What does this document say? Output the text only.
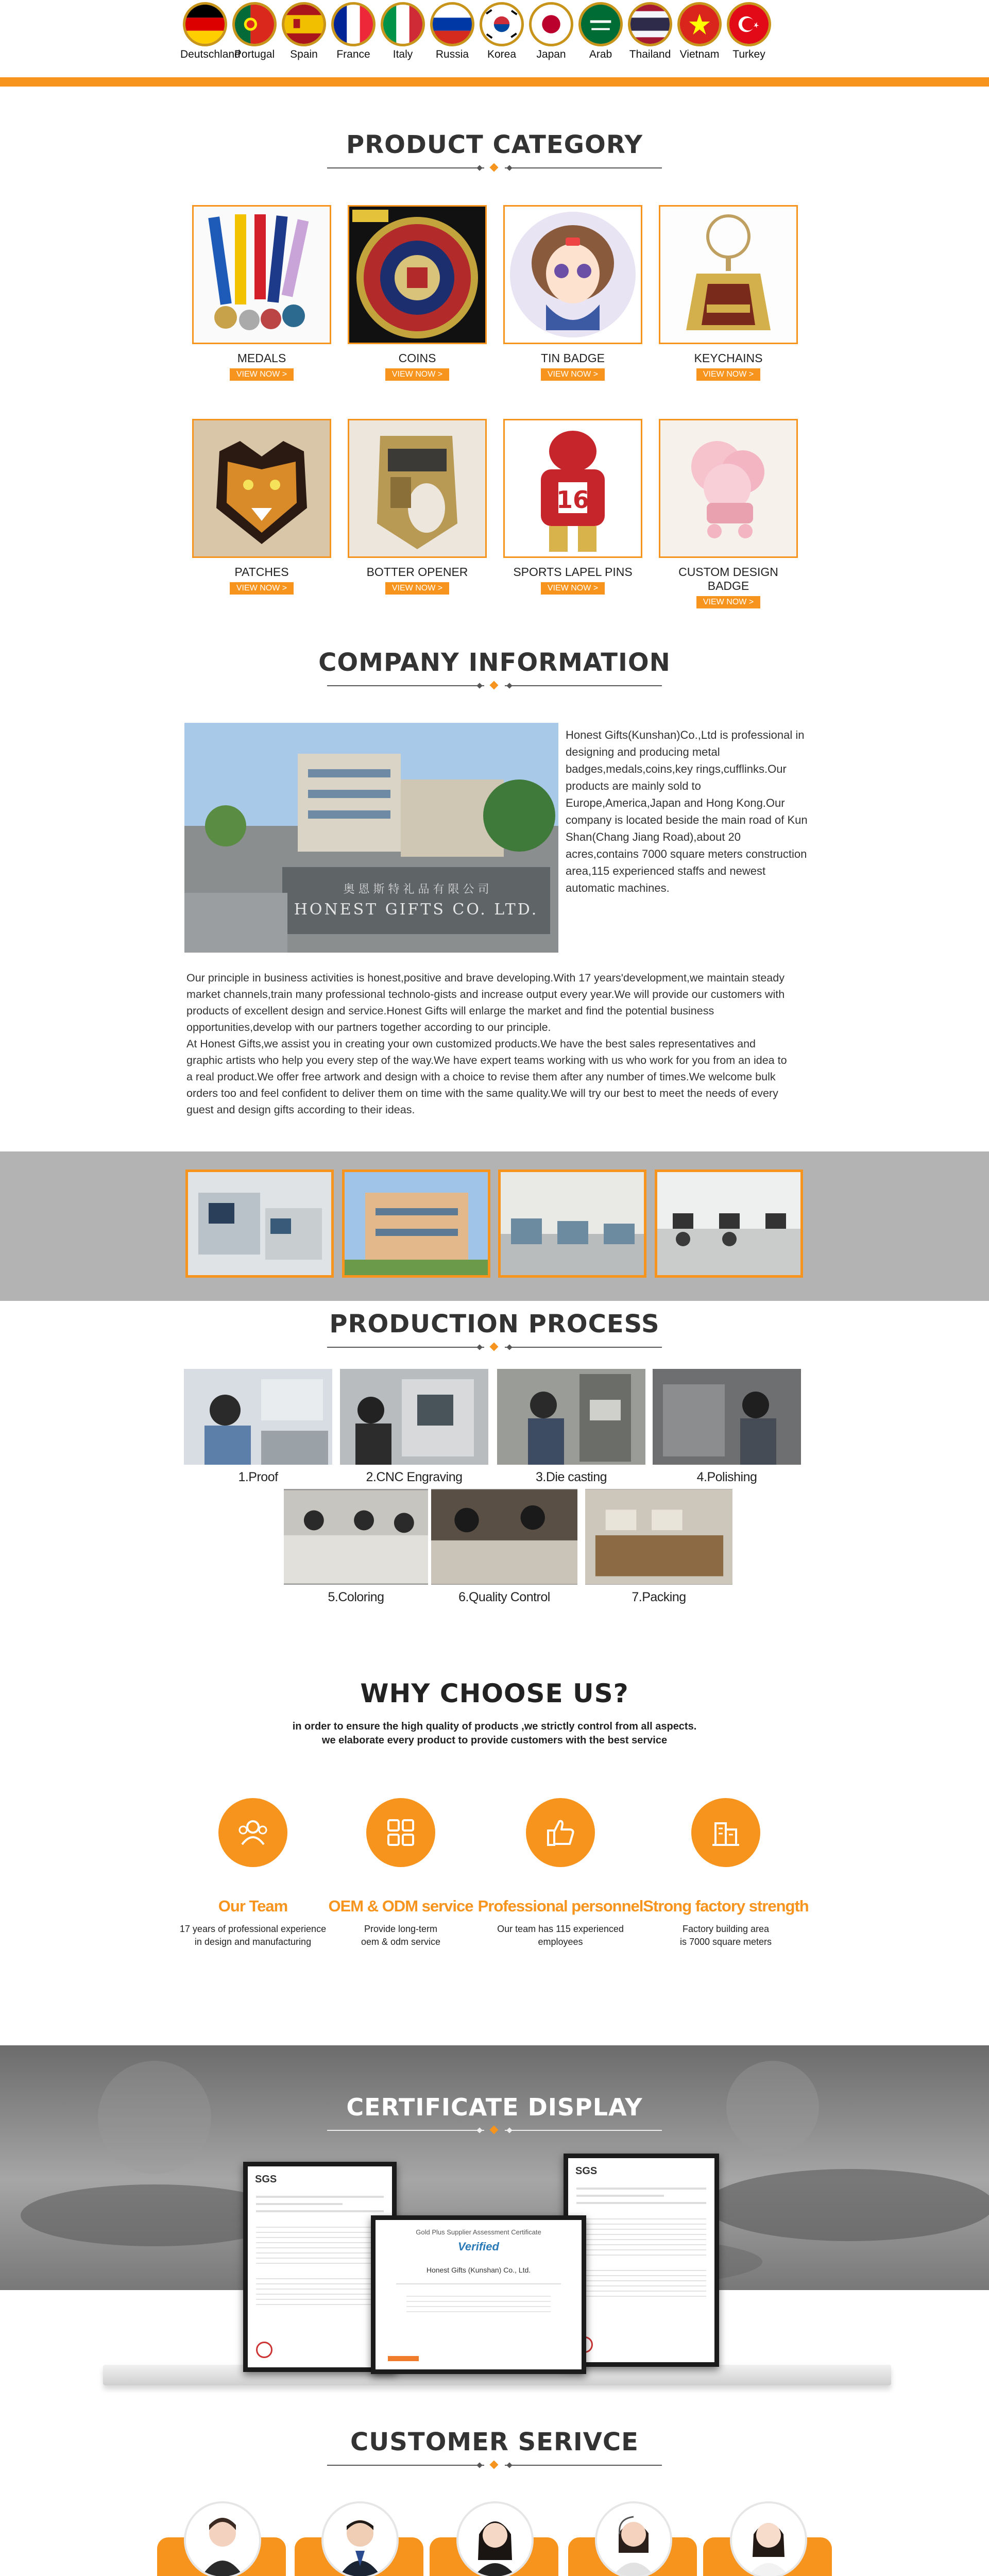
Deutschland
Portugal	Spain	France	Italy	Russia	Korea	Japan	Arab	Thailand Vietnam	Turkey
PRODUCT CATEGORY
MEDALS
VIEW NOW >
COINS
VIEW NOW >
TIN BADGE
VIEW NOW >
KEYCHAINS
VIEW NOW >
PATCHES
VIEW NOW >
BOTTER OPENER
VIEW NOW >
16
SPORTS LAPEL PINS
VIEW NOW >
CUSTOM DESIGN BADGE
VIEW NOW >
COMPANY INFORMATION
奥 恩 斯 特 礼 品 有 限 公 司
HONEST GIFTS CO. LTD.
Honest Gifts(Kunshan)Co.,Ltd is professional in designing and producing metal badges,medals,coins,key rings,cufflinks.Our products are mainly sold to Europe,America,Japan and Hong Kong.Our company is located beside the main road of Kun Shan(Chang Jiang Road),about 20 acres,contains 7000 square meters construction area,115 experienced staffs and newest automatic machines.
Our principle in business activities is honest,positive and brave developing.With 17 years'development,we maintain steady market channels,train many professional technolo-gists and increase output every year.We will provide our customers with products of excellent design and service.Honest Gifts will enlarge the market and find the potential business opportunities,develop with our partners together according to our principle.
At Honest Gifts,we assist you in creating your own customized products.We have the best sales representatives and graphic artists who help you every step of the way.We have expert teams working with us who work for you from an idea to a real product.We offer free artwork and design with a choice to revise them after any number of times.We welcome bulk orders too and feel confident to deliver them on time with the same quality.We will try our best to meet the needs of every guest and design gifts according to their ideas.
PRODUCTION PROCESS
1.Proof	2.CNC Engraving	3.Die casting	4.Polishing
5.Coloring	6.Quality Control	7.Packing
WHY CHOOSE US?
in order to ensure the high quality of products ,we strictly control from all aspects.
we elaborate every product to provide customers with the best service
Our Team
17 years of professional experience
in design and manufacturing
OEM & ODM service
Provide long-term
oem & odm service
Professional personnel
Our team has 115 experienced employees
Strong factory strength
Factory building area
is 7000 square meters
CERTIFICATE DISPLAY
SGS
SGS
Gold Plus Supplier Assessment Certificate
Verified
Honest Gifts (Kunshan) Co., Ltd.
CUSTOMER SERIVCE
